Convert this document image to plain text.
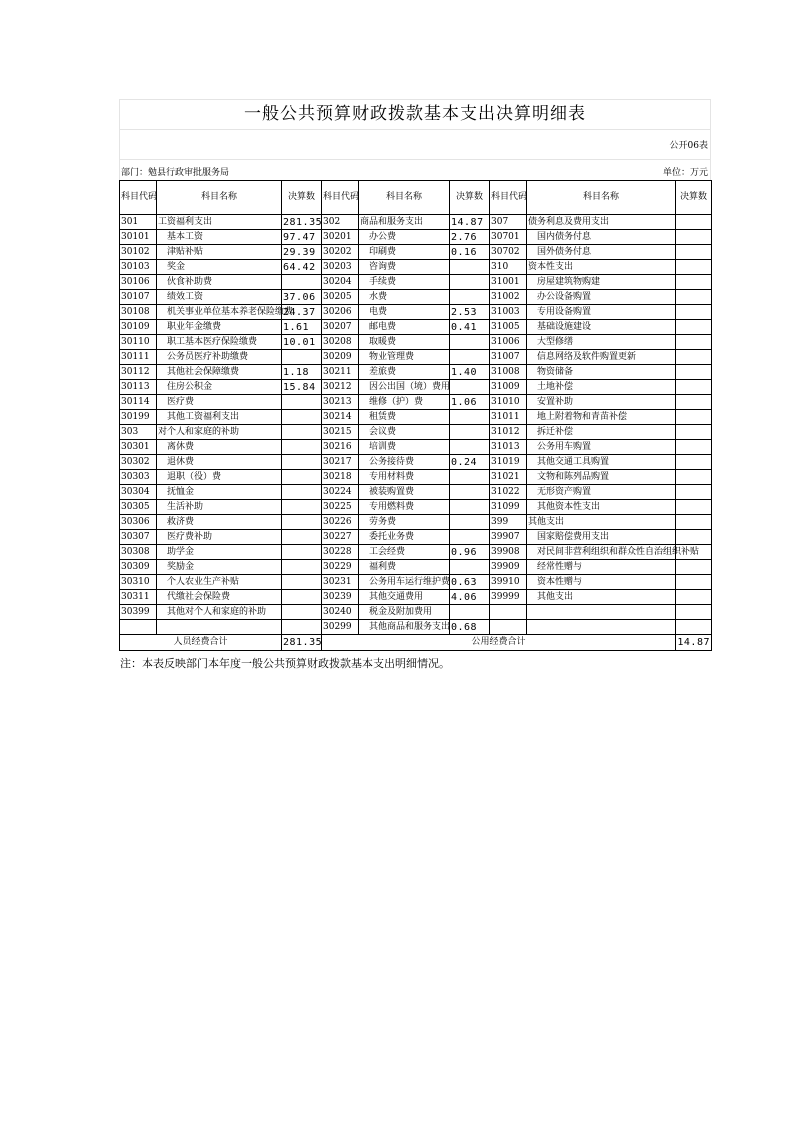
一般公共预算财政拨款基本支出决算明细表
公开06表
部门：勉县行政审批服务局	单位：万元
科目代码	科目名称	决算数	科目代码	科目名称	决算数	科目代码	科目名称	决算数
301	工资福利支出	281.35	302	商品和服务支出	14.87	307	债务利息及费用支出	
30101	基本工资	97.47	30201	办公费	2.76	30701	国内债务付息	
30102	津贴补贴	29.39	30202	印刷费	0.16	30702	国外债务付息	
30103	奖金	64.42	30203	咨询费		310	资本性支出	
30106	伙食补助费		30204	手续费		31001	房屋建筑物购建	
30107	绩效工资	37.06	30205	水费		31002	办公设备购置	
30108	机关事业单位基本养老保险缴费	24.37	30206	电费	2.53	31003	专用设备购置	
30109	职业年金缴费	1.61	30207	邮电费	0.41	31005	基础设施建设	
30110	职工基本医疗保险缴费	10.01	30208	取暖费		31006	大型修缮	
30111	公务员医疗补助缴费		30209	物业管理费		31007	信息网络及软件购置更新	
30112	其他社会保障缴费	1.18	30211	差旅费	1.40	31008	物资储备	
30113	住房公积金	15.84	30212	因公出国（境）费用		31009	土地补偿	
30114	医疗费		30213	维修（护）费	1.06	31010	安置补助	
30199	其他工资福利支出		30214	租赁费		31011	地上附着物和青苗补偿	
303	对个人和家庭的补助		30215	会议费		31012	拆迁补偿	
30301	离休费		30216	培训费		31013	公务用车购置	
30302	退休费		30217	公务接待费	0.24	31019	其他交通工具购置	
30303	退职（役）费		30218	专用材料费		31021	文物和陈列品购置	
30304	抚恤金		30224	被装购置费		31022	无形资产购置	
30305	生活补助		30225	专用燃料费		31099	其他资本性支出	
30306	救济费		30226	劳务费		399	其他支出	
30307	医疗费补助		30227	委托业务费		39907	国家赔偿费用支出	
30308	助学金		30228	工会经费	0.96	39908	对民间非营利组织和群众性自治组织补贴	
30309	奖励金		30229	福利费		39909	经常性赠与	
30310	个人农业生产补贴		30231	公务用车运行维护费	0.63	39910	资本性赠与	
30311	代缴社会保险费		30239	其他交通费用	4.06	39999	其他支出	
30399	其他对个人和家庭的补助		30240	税金及附加费用				
			30299	其他商品和服务支出	0.68			
人员经费合计		281.35	公用经费合计					14.87
注：本表反映部门本年度一般公共预算财政拨款基本支出明细情况。
